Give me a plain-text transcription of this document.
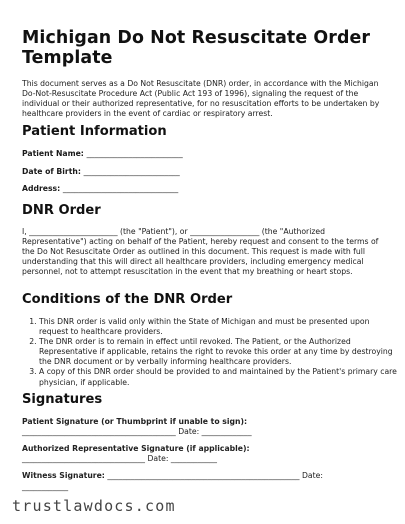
Michigan Do Not Resuscitate Order
Template
This document serves as a Do Not Resuscitate (DNR) order, in accordance with the Michigan Do-Not-Resuscitate Procedure Act (Public Act 193 of 1996), signaling the request of the individual or their authorized representative, for no resuscitation efforts to be undertaken by healthcare providers in the event of cardiac or respiratory arrest.
Patient Information
Patient Name: _________________________
Date of Birth: _________________________
Address: ______________________________
DNR Order
I, _______________________ (the "Patient"), or __________________ (the "Authorized Representative") acting on behalf of the Patient, hereby request and consent to the terms of the Do Not Resuscitate Order as outlined in this document. This request is made with full understanding that this will direct all healthcare providers, including emergency medical personnel, not to attempt resuscitation in the event that my breathing or heart stops.
Conditions of the DNR Order
1. This DNR order is valid only within the State of Michigan and must be presented upon request to healthcare providers.
2. The DNR order is to remain in effect until revoked. The Patient, or the Authorized Representative if applicable, retains the right to revoke this order at any time by destroying the DNR document or by verbally informing healthcare providers.
3. A copy of this DNR order should be provided to and maintained by the Patient's primary care physician, if applicable.
Signatures
Patient Signature (or Thumbprint if unable to sign):
________________________________________ Date: _____________
Authorized Representative Signature (if applicable):
________________________________ Date: ____________
Witness Signature: __________________________________________________ Date:
____________
trustlawdocs.com
